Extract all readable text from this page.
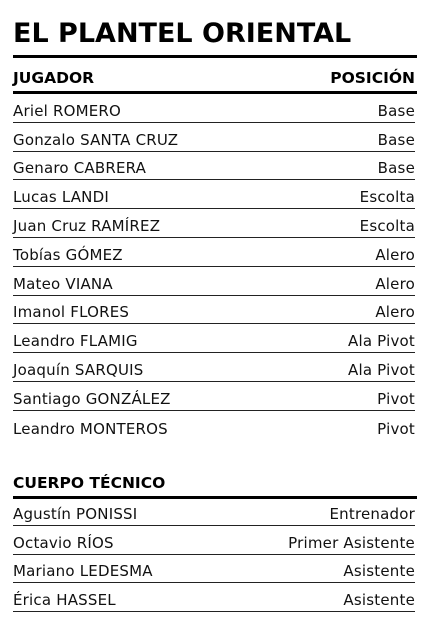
EL PLANTEL ORIENTAL
JUGADOR	POSICIÓN
Ariel ROMERO	Base
Gonzalo SANTA CRUZ	Base
Genaro CABRERA	Base
Lucas LANDI	Escolta
Juan Cruz RAMÍREZ	Escolta
Tobías GÓMEZ	Alero
Mateo VIANA	Alero
Imanol FLORES	Alero
Leandro FLAMIG	Ala Pivot
Joaquín SARQUIS	Ala Pivot
Santiago GONZÁLEZ	Pivot
Leandro MONTEROS	Pivot
CUERPO TÉCNICO
Agustín PONISSI	Entrenador
Octavio RÍOS	Primer Asistente
Mariano LEDESMA	Asistente
Érica HASSEL	Asistente
